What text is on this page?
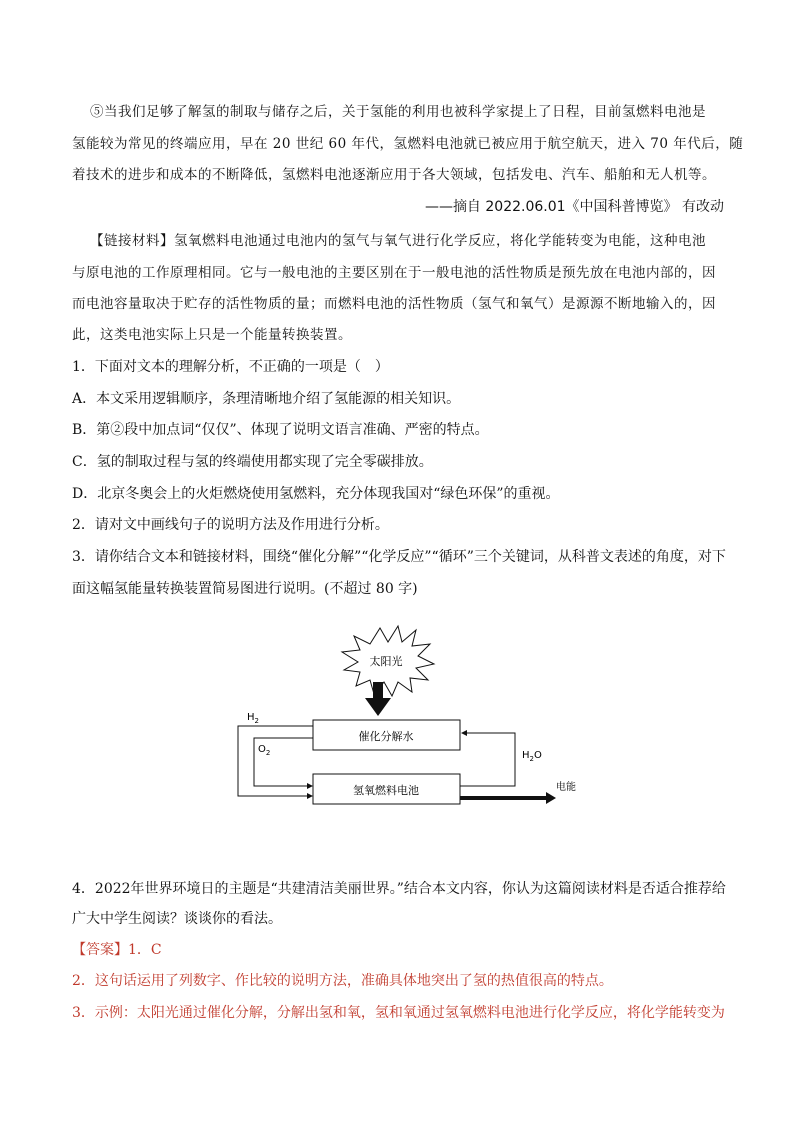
⑤当我们足够了解氢的制取与储存之后，关于氢能的利用也被科学家提上了日程，目前氢燃料电池是
氢能较为常见的终端应用，早在 20 世纪 60 年代，氢燃料电池就已被应用于航空航天，进入 70 年代后，随
着技术的进步和成本的不断降低，氢燃料电池逐渐应用于各大领域，包括发电、汽车、船舶和无人机等。
——摘自 2022.06.01《中国科普博览》 有改动
【链接材料】氢氧燃料电池通过电池内的氢气与氧气进行化学反应，将化学能转变为电能，这种电池
与原电池的工作原理相同。它与一般电池的主要区别在于一般电池的活性物质是预先放在电池内部的，因
而电池容量取决于贮存的活性物质的量；而燃料电池的活性物质（氢气和氧气）是源源不断地输入的，因
此，这类电池实际上只是一个能量转换装置。
1．下面对文本的理解分析，不正确的一项是（　）
A．本文采用逻辑顺序，条理清晰地介绍了氢能源的相关知识。
B．第②段中加点词“仅仅”、体现了说明文语言准确、严密的特点。
C．氢的制取过程与氢的终端使用都实现了完全零碳排放。
D．北京冬奥会上的火炬燃烧使用氢燃料，充分体现我国对“绿色环保”的重视。
2．请对文中画线句子的说明方法及作用进行分析。
3．请你结合文本和链接材料，围绕“催化分解”“化学反应”“循环”三个关键词，从科普文表述的角度，对下
面这幅氢能量转换装置简易图进行说明。(不超过 80 字)
太阳光
催化分解水
氢氧燃料电池
$H_2$
$O_2$	$H_2O$
电能
4．2022年世界环境日的主题是“共建清洁美丽世界。”结合本文内容，你认为这篇阅读材料是否适合推荐给
广大中学生阅读？谈谈你的看法。
【答案】1．C
2．这句话运用了列数字、作比较的说明方法，准确具体地突出了氢的热值很高的特点。
3．示例：太阳光通过催化分解，分解出氢和氧，氢和氧通过氢氧燃料电池进行化学反应，将化学能转变为
